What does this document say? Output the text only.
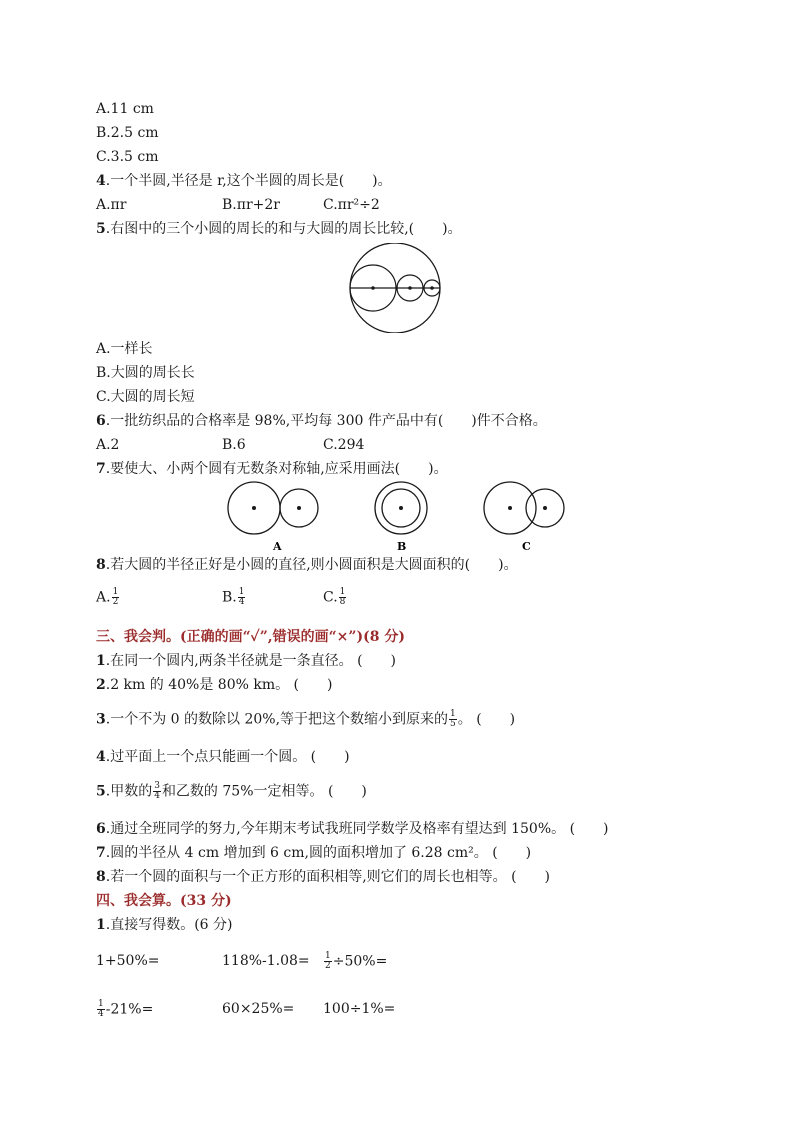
A.11 cm
B.2.5 cm
C.3.5 cm
4.一个半圆,半径是 r,这个半圆的周长是(　　)。
A.πr	B.πr+2r	C.πr²÷2
5.右图中的三个小圆的周长的和与大圆的周长比较,(　　)。
A.一样长
B.大圆的周长长
C.大圆的周长短
6.一批纺织品的合格率是 98%,平均每 300 件产品中有(　　)件不合格。
A.2	B.6	C.294
7.要使大、小两个圆有无数条对称轴,应采用画法(　　)。
A	B	C
8.若大圆的半径正好是小圆的直径,则小圆面积是大圆面积的(　　)。
A. $\frac{1}{2}$	B. $\frac{1}{4}$	C. $\frac{1}{8}$
三、我会判。(正确的画“✓”,错误的画“×”)(8 分)
1.在同一个圆内,两条半径就是一条直径。 (　　)
2.2 km 的 40%是 80% km。 (　　)
3.一个不为 0 的数除以 20%,等于把这个数缩小到原来的 $\frac{1}{5}$ 。 (　　)
4.过平面上一个点只能画一个圆。 (　　)
5.甲数的 $\frac{3}{4}$ 和乙数的 75%一定相等。 (　　)
6.通过全班同学的努力,今年期末考试我班同学数学及格率有望达到 150%。 (　　)
7.圆的半径从 4 cm 增加到 6 cm,圆的面积增加了 6.28 cm²。 (　　)
8.若一个圆的面积与一个正方形的面积相等,则它们的周长也相等。 (　　)
四、我会算。(33 分)
1.直接写得数。(6 分)
1+50%=	$118\%-1.08= \frac{1}{2} \div 50\%=$
$\frac{1}{4} -21\%=$	60×25%= 100÷1%=
